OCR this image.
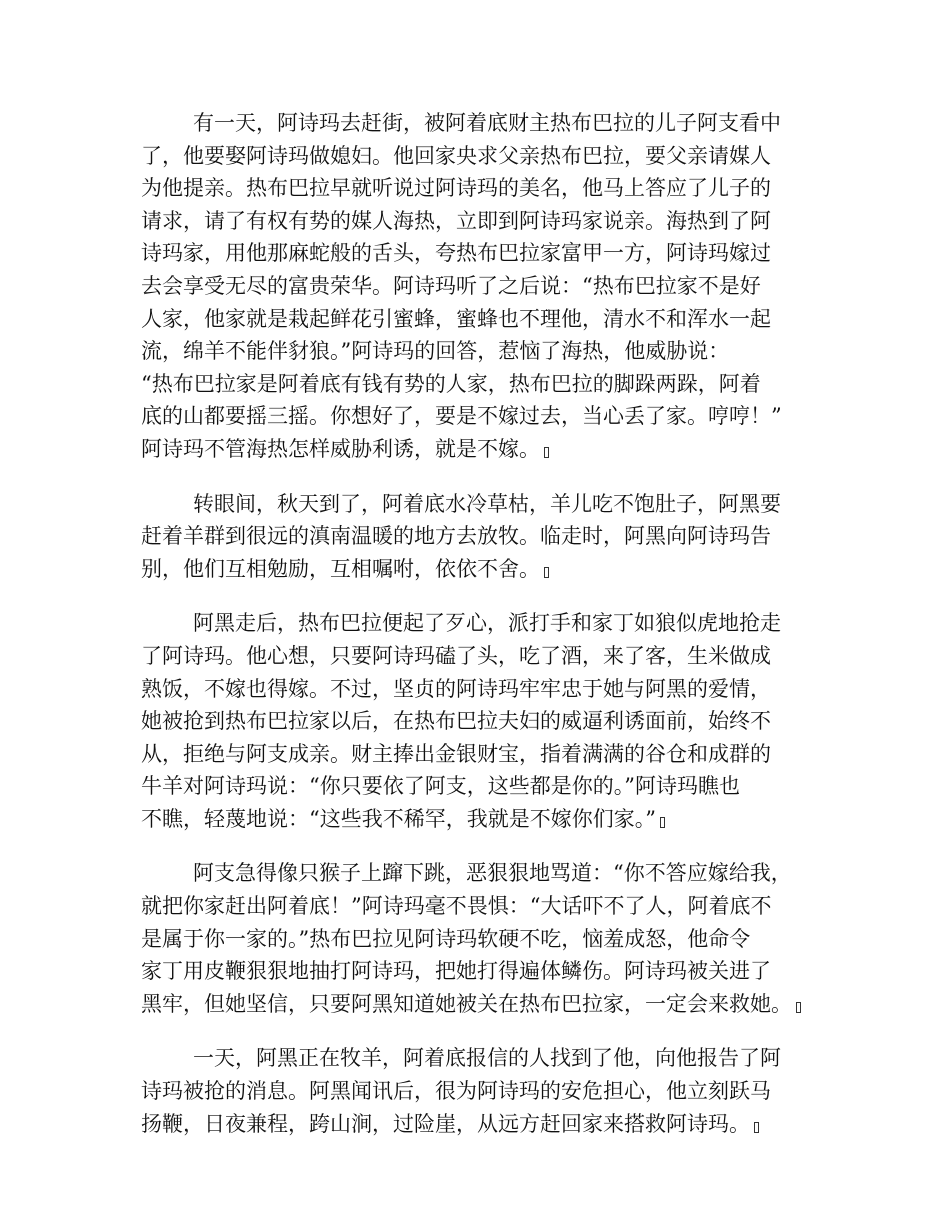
有一天，阿诗玛去赶街，被阿着底财主热布巴拉的儿子阿支看中
了，他要娶阿诗玛做媳妇。他回家央求父亲热布巴拉，要父亲请媒人
为他提亲。热布巴拉早就听说过阿诗玛的美名，他马上答应了儿子的
请求，请了有权有势的媒人海热，立即到阿诗玛家说亲。海热到了阿
诗玛家，用他那麻蛇般的舌头，夸热布巴拉家富甲一方，阿诗玛嫁过
去会享受无尽的富贵荣华。阿诗玛听了之后说：“热布巴拉家不是好
人家，他家就是栽起鲜花引蜜蜂，蜜蜂也不理他，清水不和浑水一起
流，绵羊不能伴豺狼。”阿诗玛的回答，惹恼了海热，他威胁说：
“热布巴拉家是阿着底有钱有势的人家，热布巴拉的脚跺两跺，阿着
底的山都要摇三摇。你想好了，要是不嫁过去，当心丢了家。哼哼！”
阿诗玛不管海热怎样威胁利诱，就是不嫁。

转眼间，秋天到了，阿着底水冷草枯，羊儿吃不饱肚子，阿黑要
赶着羊群到很远的滇南温暖的地方去放牧。临走时，阿黑向阿诗玛告
别，他们互相勉励，互相嘱咐，依依不舍。

阿黑走后，热布巴拉便起了歹心，派打手和家丁如狼似虎地抢走
了阿诗玛。他心想，只要阿诗玛磕了头，吃了酒，来了客，生米做成
熟饭，不嫁也得嫁。不过，坚贞的阿诗玛牢牢忠于她与阿黑的爱情，
她被抢到热布巴拉家以后，在热布巴拉夫妇的威逼利诱面前，始终不
从，拒绝与阿支成亲。财主捧出金银财宝，指着满满的谷仓和成群的
牛羊对阿诗玛说：“你只要依了阿支，这些都是你的。”阿诗玛瞧也
不瞧，轻蔑地说：“这些我不稀罕，我就是不嫁你们家。”

阿支急得像只猴子上蹿下跳，恶狠狠地骂道：“你不答应嫁给我，
就把你家赶出阿着底！”阿诗玛毫不畏惧：“大话吓不了人，阿着底不
是属于你一家的。”热布巴拉见阿诗玛软硬不吃，恼羞成怒，他命令
家丁用皮鞭狠狠地抽打阿诗玛，把她打得遍体鳞伤。阿诗玛被关进了
黑牢，但她坚信，只要阿黑知道她被关在热布巴拉家，一定会来救她。

一天，阿黑正在牧羊，阿着底报信的人找到了他，向他报告了阿
诗玛被抢的消息。阿黑闻讯后，很为阿诗玛的安危担心，他立刻跃马
扬鞭，日夜兼程，跨山涧，过险崖，从远方赶回家来搭救阿诗玛。
